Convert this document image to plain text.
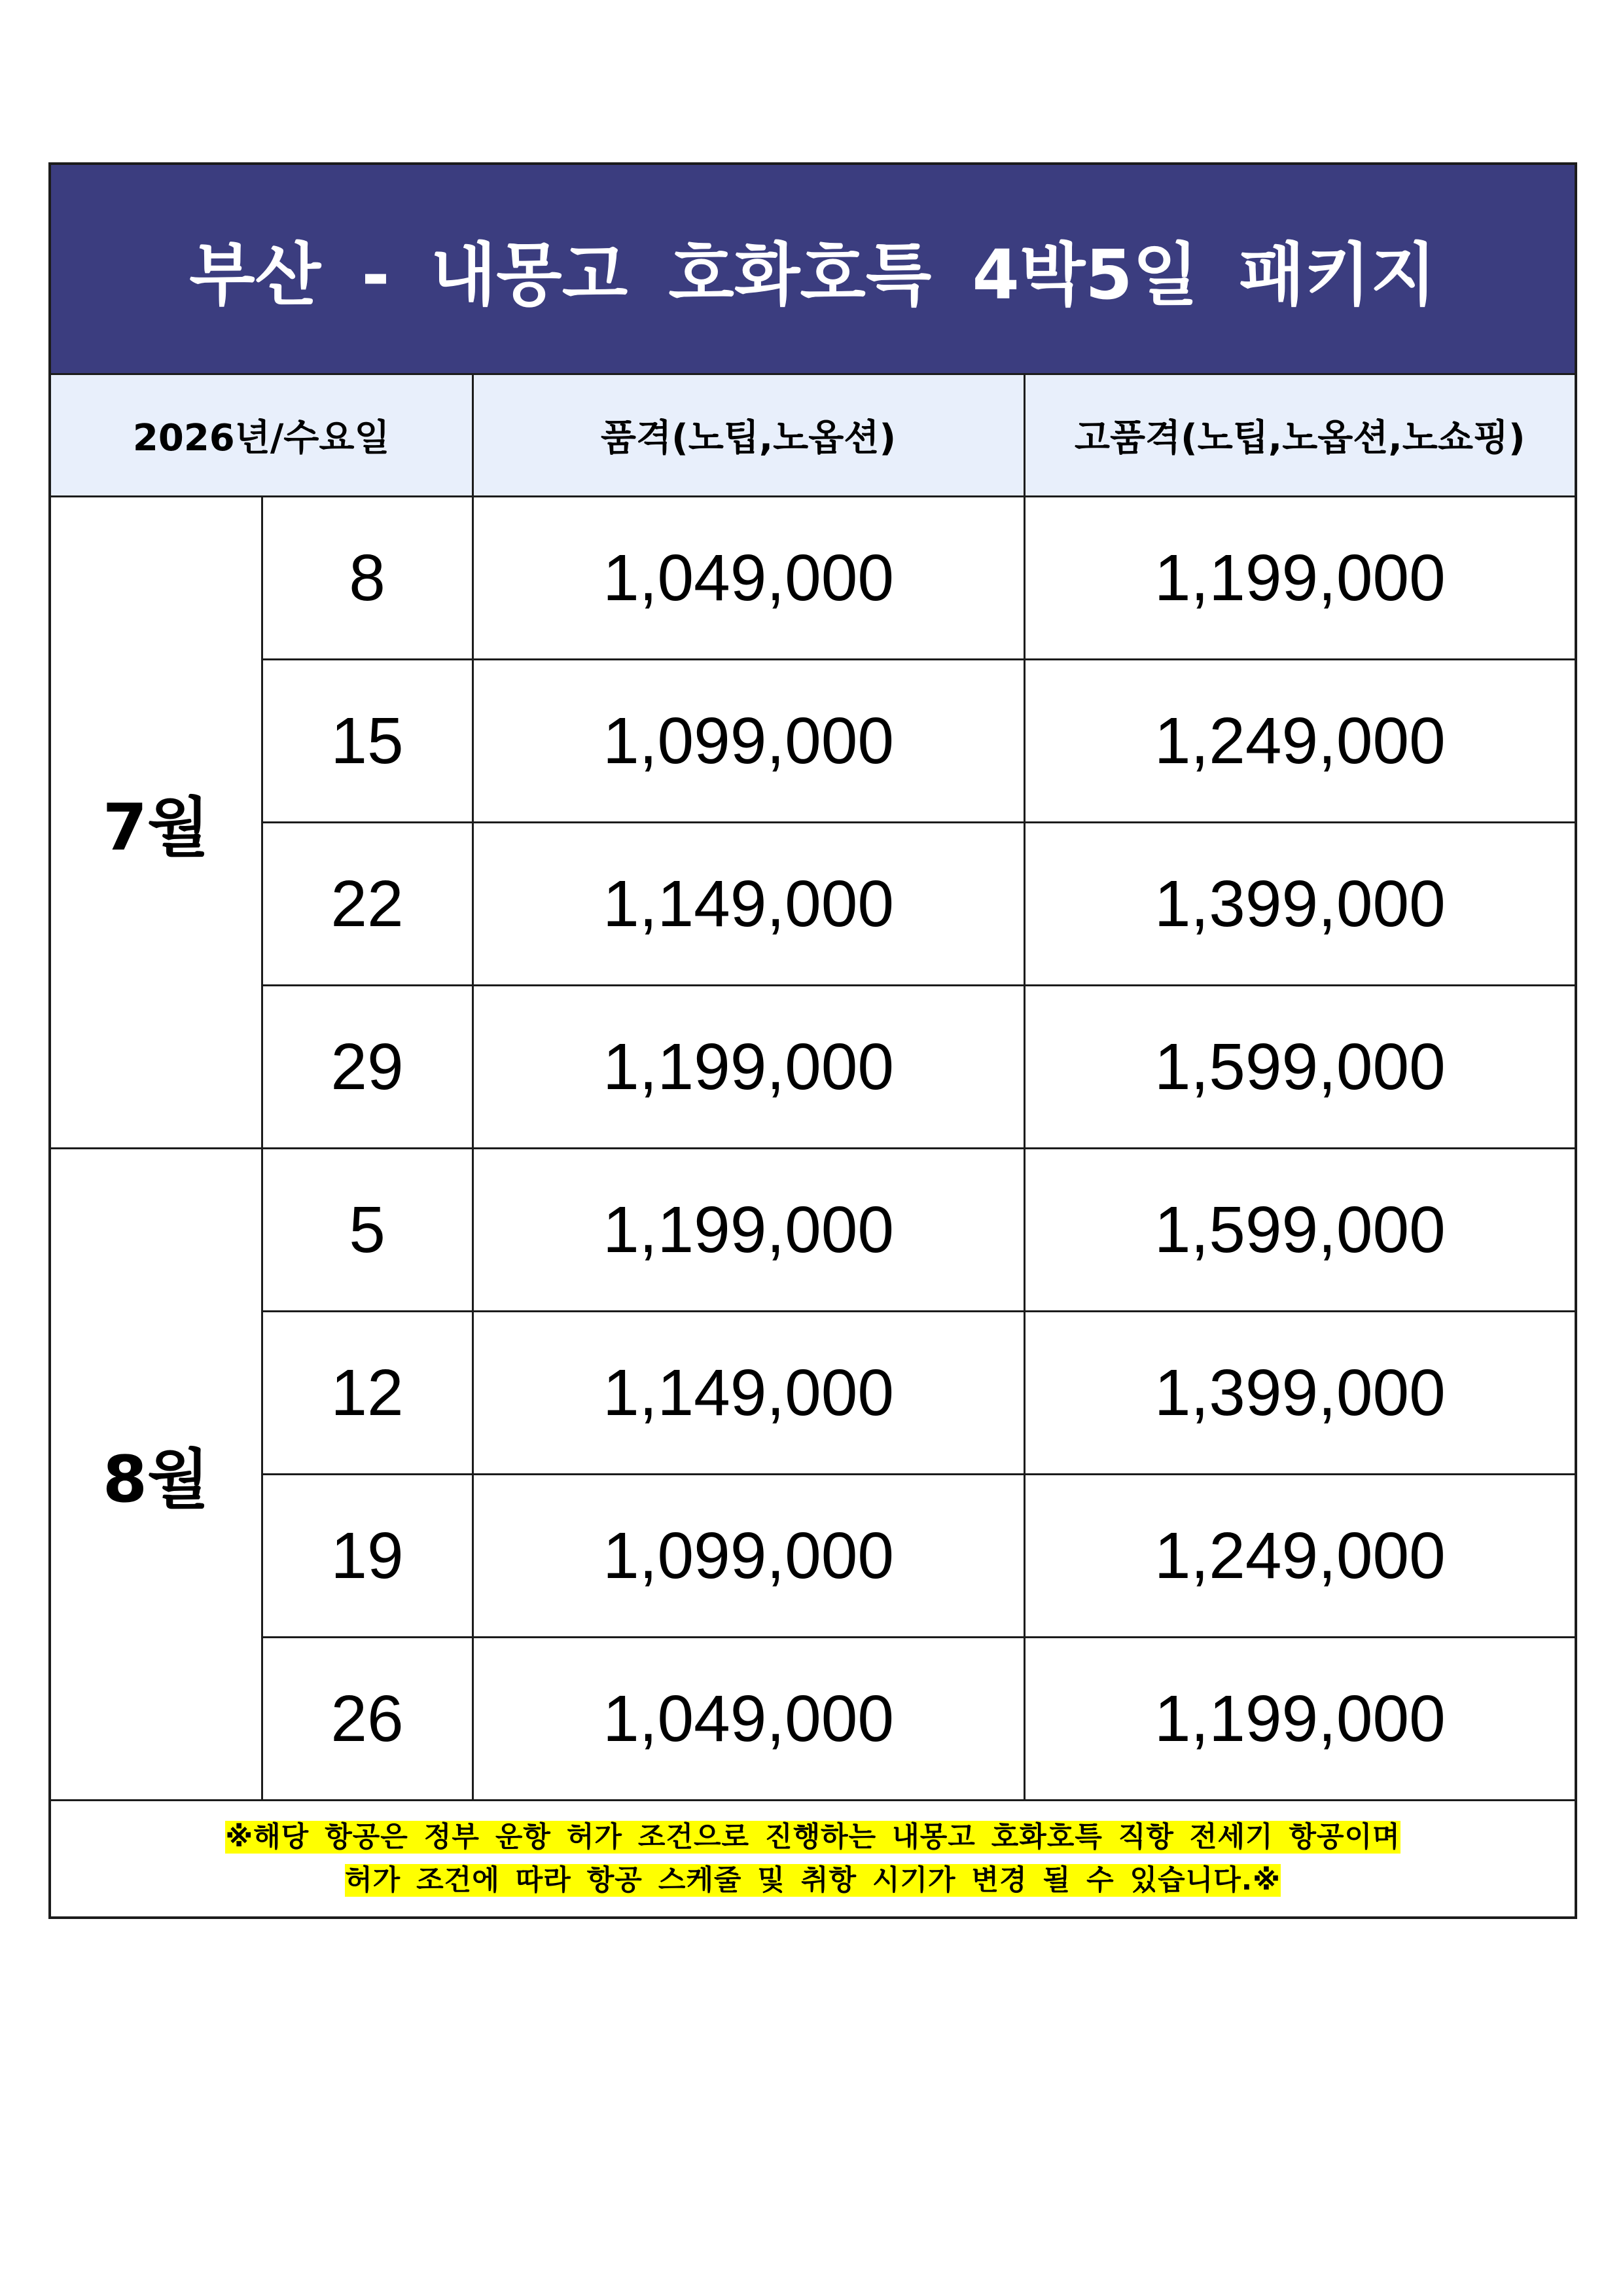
부산 - 내몽고 호화호특 4박5일 패키지			
2026년/수요일		품격(노팁,노옵션)	고품격(노팁,노옵션,노쇼핑)
7월	8	1,049,000	1,199,000
	15	1,099,000	1,249,000
	22	1,149,000	1,399,000
	29	1,199,000	1,599,000
8월	5	1,199,000	1,599,000
	12	1,149,000	1,399,000
	19	1,099,000	1,249,000
	26	1,049,000	1,199,000

※해당 항공은 정부 운항 허가 조건으로 진행하는 내몽고 호화호특 직항 전세기 항공이며
허가 조건에 따라 항공 스케줄 및 취항 시기가 변경 될 수 있습니다.※			
